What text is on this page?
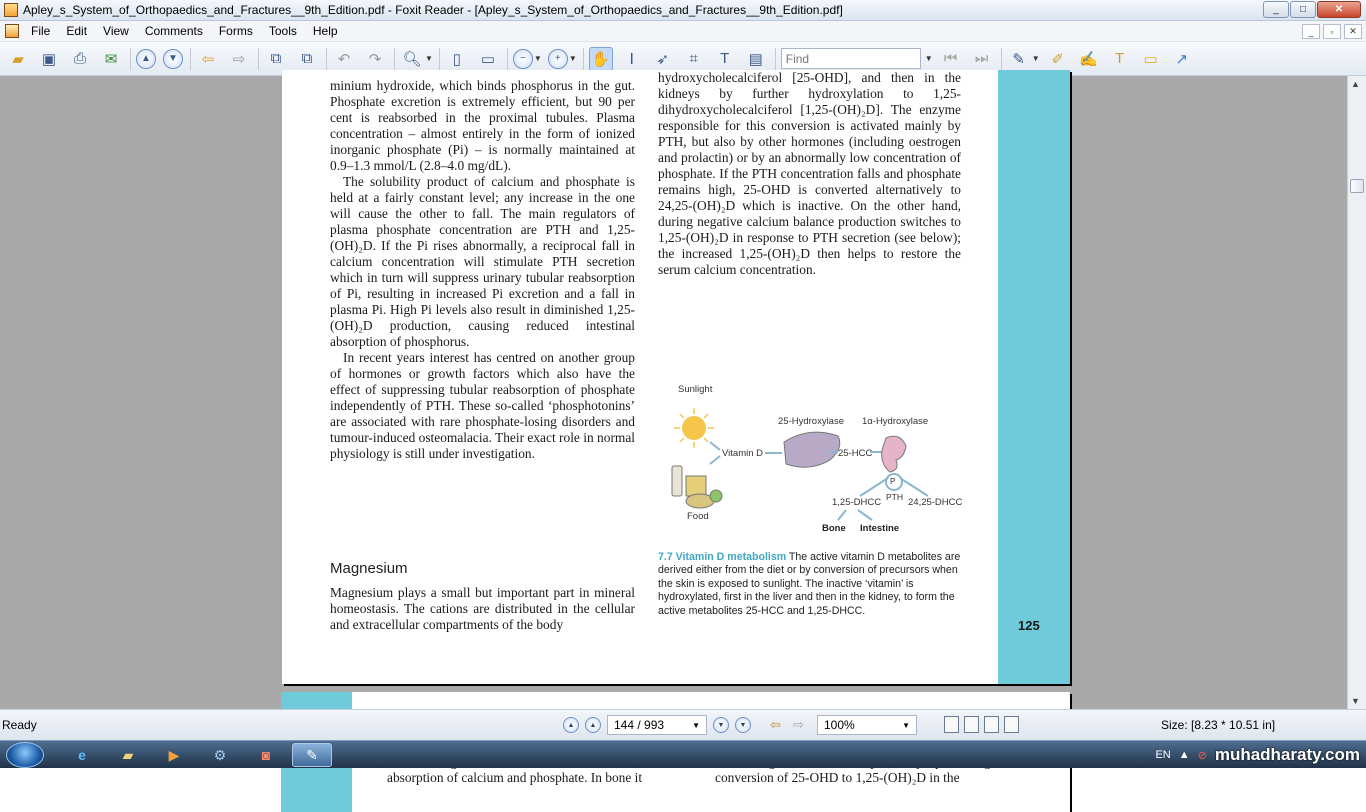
Apley_s_System_of_Orthopaedics_and_Fractures__9th_Edition.pdf - Foxit Reader - [Apley_s_System_of_Orthopaedics_and_Fractures__9th_Edition.pdf]	_	□	✕
File	Edit	View	Comments	Forms	Tools	Help	_	▫	✕
▰	▣	⎙	✉	▲	▼	⇦	⇨	⧉	⧉	↶	↷	🔍︎ ▼	▯	▭	−	▼	+	▼ ✋	Ⅰ	➶	⌗	T	▤
Find	▼ ⏮	⏭	✎ ▼ ✐	✍	T	▭	↗

minium hydroxide, which binds phosphorus in the gut. Phosphate excretion is extremely efficient, but 90 per cent is reabsorbed in the proximal tubules. Plasma concentration – almost entirely in the form of ionized inorganic phosphate (Pi) – is normally maintained at 0.9–1.3 mmol/L (2.8–4.0 mg/dL).

The solubility product of calcium and phosphate is held at a fairly constant level; any increase in the one will cause the other to fall. The main regulators of plasma phosphate concentration are PTH and 1,25-(OH)₂D. If the Pi rises abnormally, a reciprocal fall in calcium concentration will stimulate PTH secretion which in turn will suppress urinary tubular reabsorption of Pi, resulting in increased Pi excretion and a fall in plasma Pi. High Pi levels also result in diminished 1,25-(OH)₂D production, causing reduced intestinal absorption of phosphorus.

In recent years interest has centred on another group of hormones or growth factors which also have the effect of suppressing tubular reabsorption of phosphate independently of PTH. These so-called ‘phosphotonins’ are associated with rare phosphate-losing disorders and tumour-induced osteomalacia. Their exact role in normal physiology is still under investigation.

hydroxycholecalciferol [25-OHD], and then in the kidneys by further hydroxylation to 1,25-dihydroxycholecalciferol [1,25-(OH)₂D]. The enzyme responsible for this conversion is activated mainly by PTH, but also by other hormones (including oestrogen and prolactin) or by an abnormally low concentration of phosphate. If the PTH concentration falls and phosphate remains high, 25-OHD is converted alternatively to 24,25-(OH)₂D which is inactive. On the other hand, during negative calcium balance production switches to 1,25-(OH)₂D in response to PTH secretion (see below); the increased 1,25-(OH)₂D then helps to restore the serum calcium concentration.
Magnesium
Magnesium plays a small but important part in mineral homeostasis. The cations are distributed in the cellular and extracellular compartments of the body
Sunlight
Food
Vitamin D
25-Hydroxylase
25-HCC
1α-Hydroxylase
P
PTH
1,25-DHCC	24,25-DHCC
Bone Intestine
7.7 Vitamin D metabolism The active vitamin D metabolites are derived either from the diet or by conversion of precursors when the skin is exposed to sunlight. The inactive ‘vitamin’ is hydroxylated, first in the liver and then in the kidney, to form the active metabolites 25-HCC and 1,25-DHCC.
125
absorption of calcium and phosphate. In bone it	conversion of 25-OHD to 1,25-(OH)₂D in the
▲
▼
Ready	▲	▲	144 / 993	▼	▼	▼	⇦ ⇨ 100%	▼	Size: [8.23 * 10.51 in]
e	▰	▶	⚙	◙	✎	EN ▲ ⊘ muhadharaty.com
